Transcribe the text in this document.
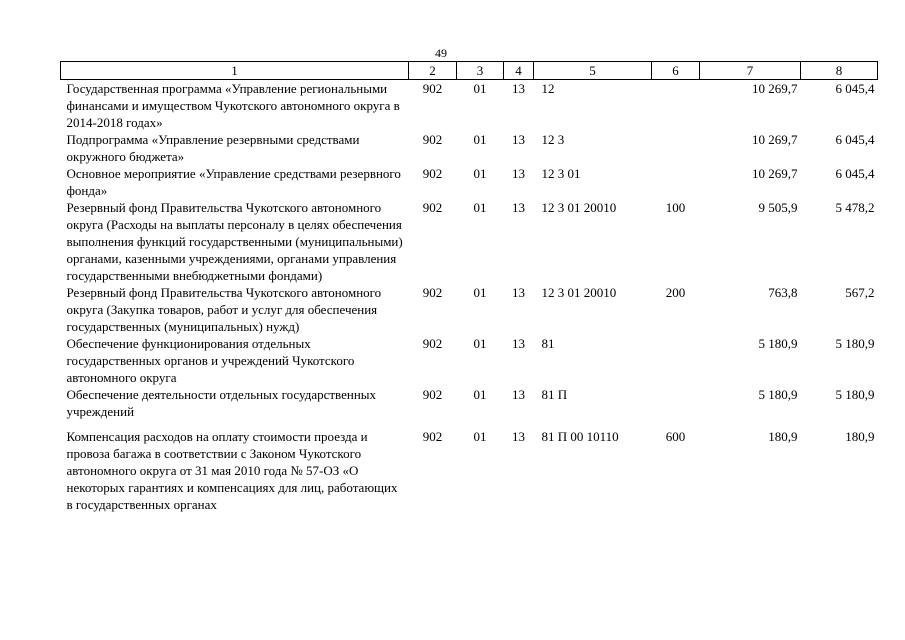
49
1	2	3	4	5	6	7	8
Государственная программа «Управление региональными финансами и имуществом Чукотского автономного округа в 2014-2018 годах»	902	01	13	12		10 269,7	6 045,4
Подпрограмма «Управление резервными средствами окружного бюджета»	902	01	13	12 3		10 269,7	6 045,4
Основное мероприятие «Управление средствами резервного фонда»	902	01	13	12 3 01		10 269,7	6 045,4
Резервный фонд Правительства Чукотского автономного округа (Расходы на выплаты персоналу в целях обеспечения выполнения функций государственными (муниципальными) органами, казенными учреждениями, органами управления государственными внебюджетными фондами)	902	01	13	12 3 01 20010	100	9 505,9	5 478,2
Резервный фонд Правительства Чукотского автономного округа (Закупка товаров, работ и услуг для обеспечения государственных (муниципальных) нужд)	902	01	13	12 3 01 20010	200	763,8	567,2
Обеспечение функционирования отдельных государственных органов и учреждений Чукотского автономного округа	902	01	13	81		5 180,9	5 180,9
Обеспечение деятельности отдельных государственных учреждений	902	01	13	81 П		5 180,9	5 180,9
Компенсация расходов на оплату стоимости проезда и провоза багажа в соответствии с Законом Чукотского автономного округа от 31 мая 2010 года № 57-ОЗ «О некоторых гарантиях и компенсациях для лиц, работающих в государственных органах	902	01	13	81 П 00 10110	600	180,9	180,9
